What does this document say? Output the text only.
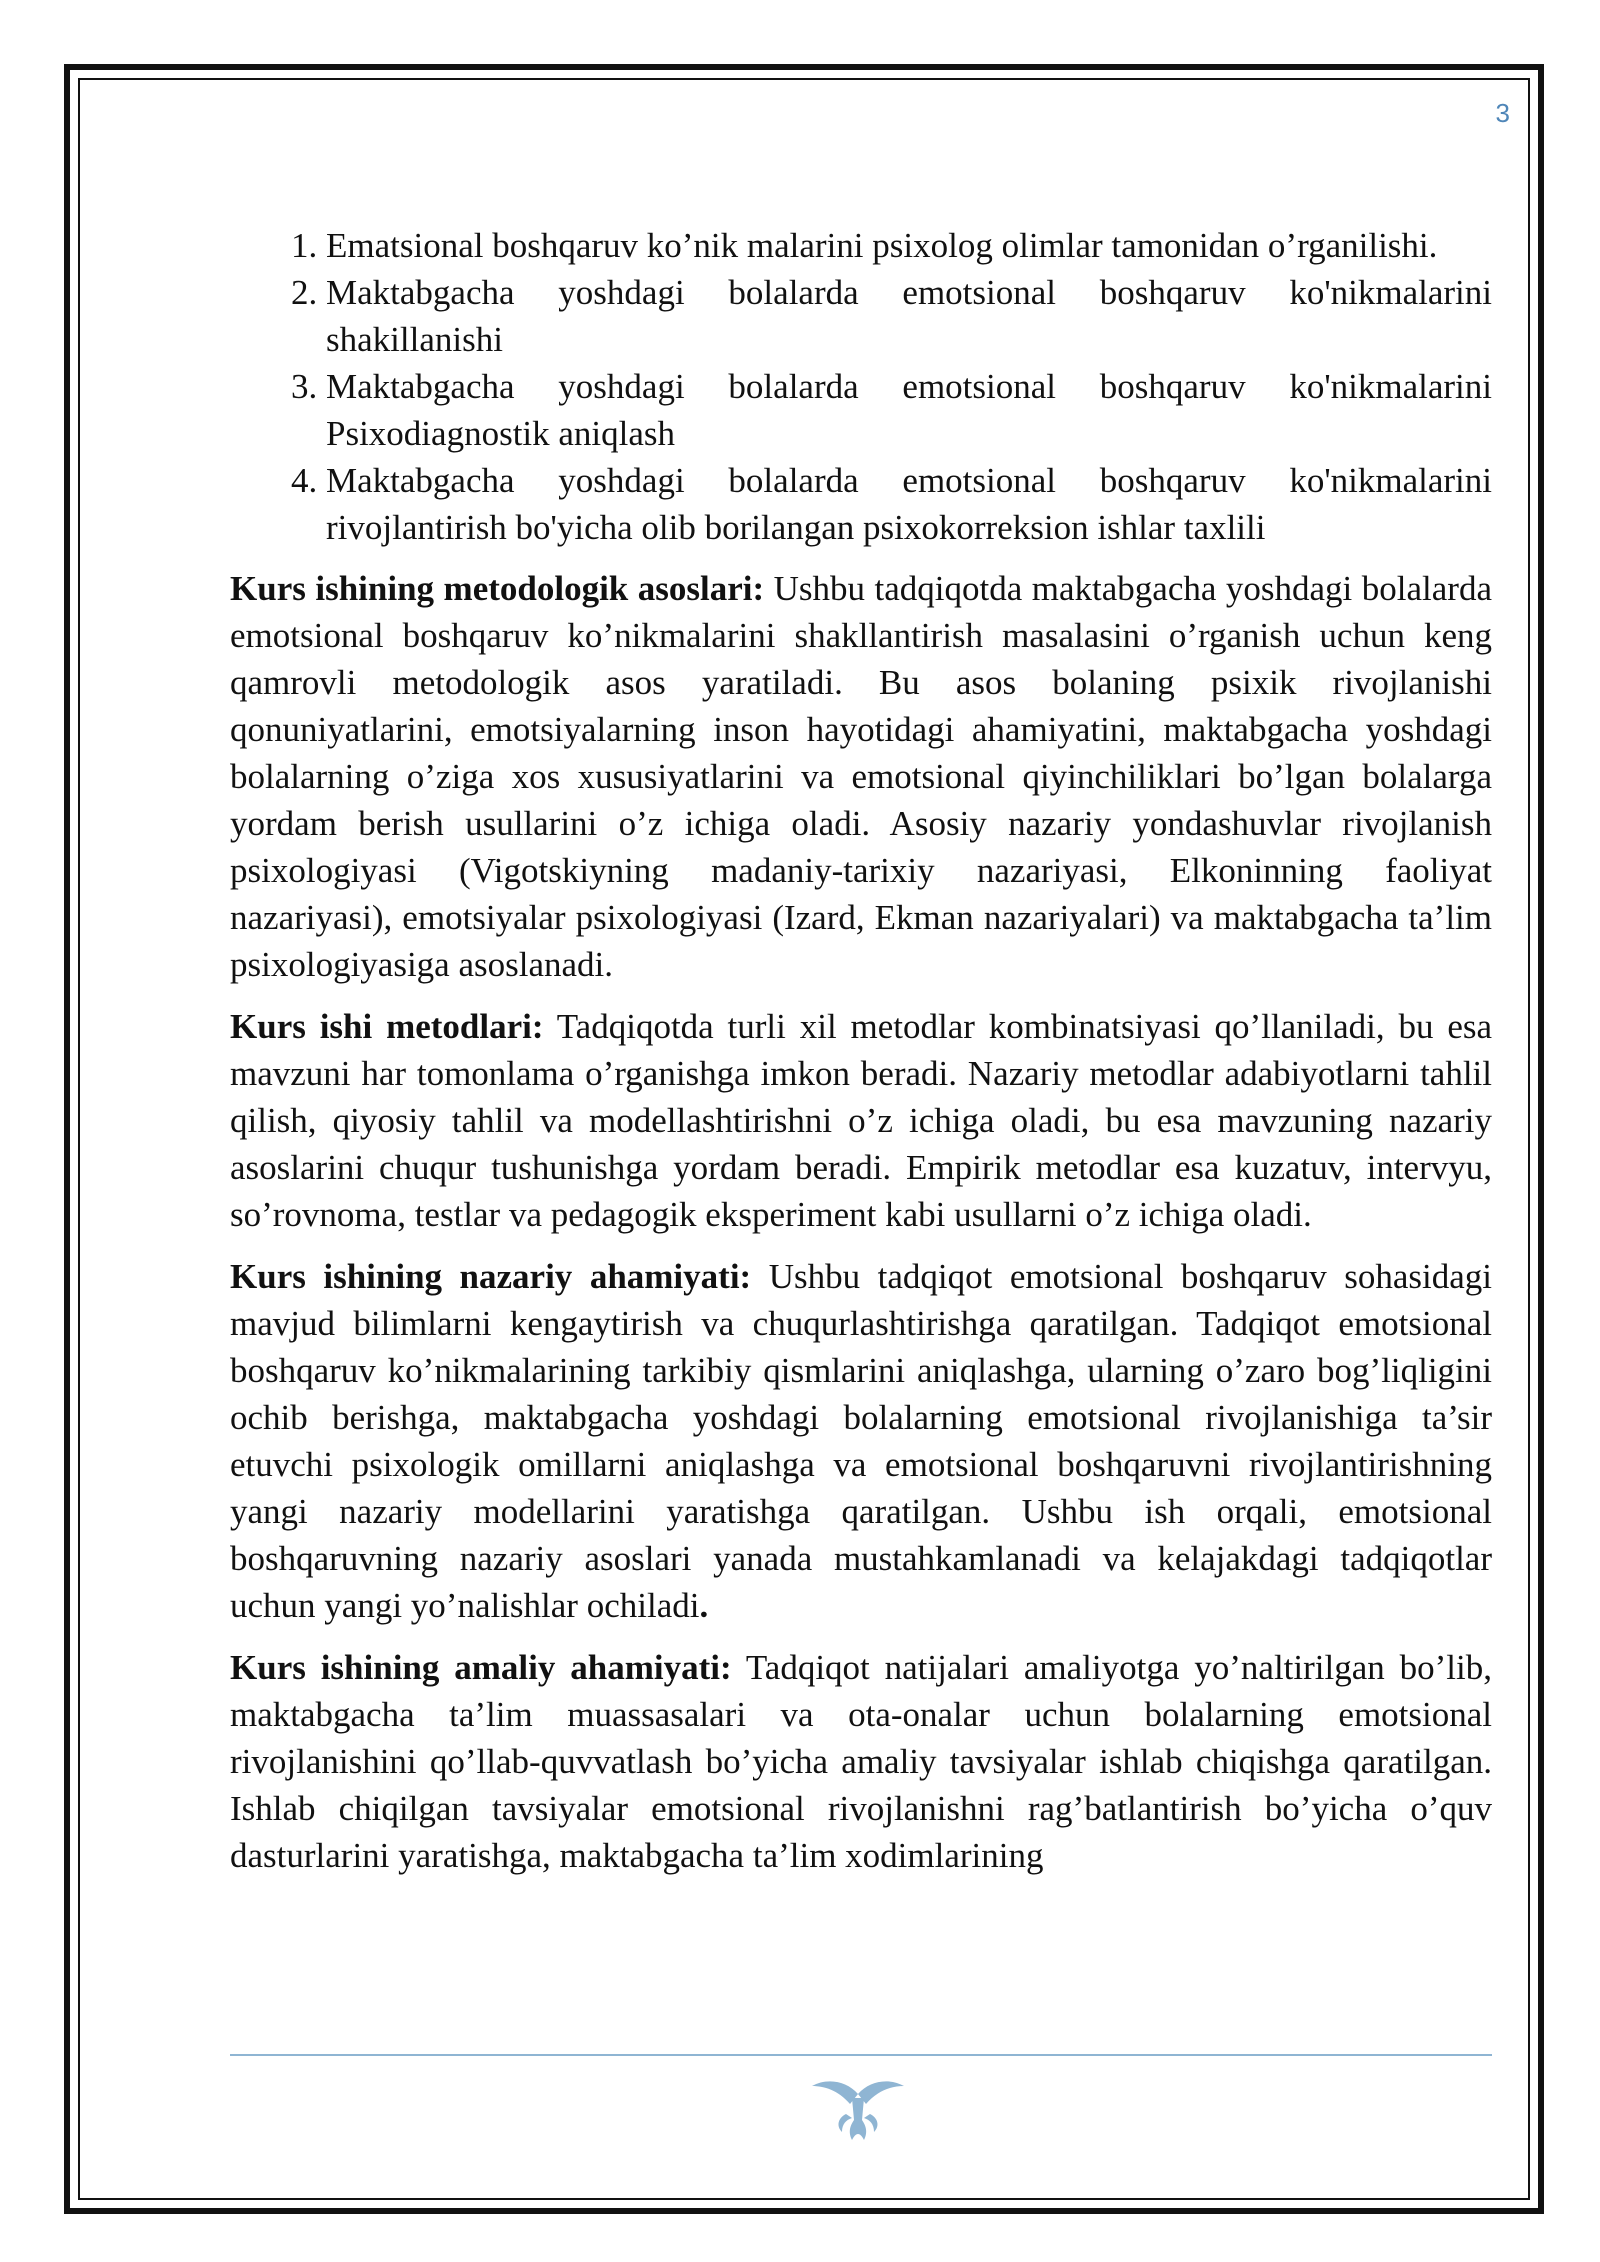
3
1. Ematsional boshqaruv ko’nik malarini psixolog olimlar tamonidan o’rganilishi.
2. Maktabgacha yoshdagi bolalarda emotsional boshqaruv ko'nikmalarini shakillanishi
3. Maktabgacha yoshdagi bolalarda emotsional boshqaruv ko'nikmalarini Psixodiagnostik aniqlash
4. Maktabgacha yoshdagi bolalarda emotsional boshqaruv ko'nikmalarini rivojlantirish bo'yicha olib borilangan psixokorreksion ishlar taxlili

Kurs ishining metodologik asoslari: Ushbu tadqiqotda maktabgacha yoshdagi bolalarda emotsional boshqaruv ko’nikmalarini shakllantirish masalasini o’rganish uchun keng qamrovli metodologik asos yaratiladi. Bu asos bolaning psixik rivojlanishi qonuniyatlarini, emotsiyalarning inson hayotidagi ahamiyatini, maktabgacha yoshdagi bolalarning o’ziga xos xususiyatlarini va emotsional qiyinchiliklari bo’lgan bolalarga yordam berish usullarini o’z ichiga oladi. Asosiy nazariy yondashuvlar rivojlanish psixologiyasi (Vigotskiyning madaniy-tarixiy nazariyasi, Elkoninning faoliyat nazariyasi), emotsiyalar psixologiyasi (Izard, Ekman nazariyalari) va maktabgacha ta’lim psixologiyasiga asoslanadi.

Kurs ishi metodlari: Tadqiqotda turli xil metodlar kombinatsiyasi qo’llaniladi, bu esa mavzuni har tomonlama o’rganishga imkon beradi. Nazariy metodlar adabiyotlarni tahlil qilish, qiyosiy tahlil va modellashtirishni o’z ichiga oladi, bu esa mavzuning nazariy asoslarini chuqur tushunishga yordam beradi. Empirik metodlar esa kuzatuv, intervyu, so’rovnoma, testlar va pedagogik eksperiment kabi usullarni o’z ichiga oladi.

Kurs ishining nazariy ahamiyati: Ushbu tadqiqot emotsional boshqaruv sohasidagi mavjud bilimlarni kengaytirish va chuqurlashtirishga qaratilgan. Tadqiqot emotsional boshqaruv ko’nikmalarining tarkibiy qismlarini aniqlashga, ularning o’zaro bog’liqligini ochib berishga, maktabgacha yoshdagi bolalarning emotsional rivojlanishiga ta’sir etuvchi psixologik omillarni aniqlashga va emotsional boshqaruvni rivojlantirishning yangi nazariy modellarini yaratishga qaratilgan. Ushbu ish orqali, emotsional boshqaruvning nazariy asoslari yanada mustahkamlanadi va kelajakdagi tadqiqotlar uchun yangi yo’nalishlar ochiladi.

Kurs ishining amaliy ahamiyati: Tadqiqot natijalari amaliyotga yo’naltirilgan bo’lib, maktabgacha ta’lim muassasalari va ota-onalar uchun bolalarning emotsional rivojlanishini qo’llab-quvvatlash bo’yicha amaliy tavsiyalar ishlab chiqishga qaratilgan. Ishlab chiqilgan tavsiyalar emotsional rivojlanishni rag’batlantirish bo’yicha o’quv dasturlarini yaratishga, maktabgacha ta’lim xodimlarining
